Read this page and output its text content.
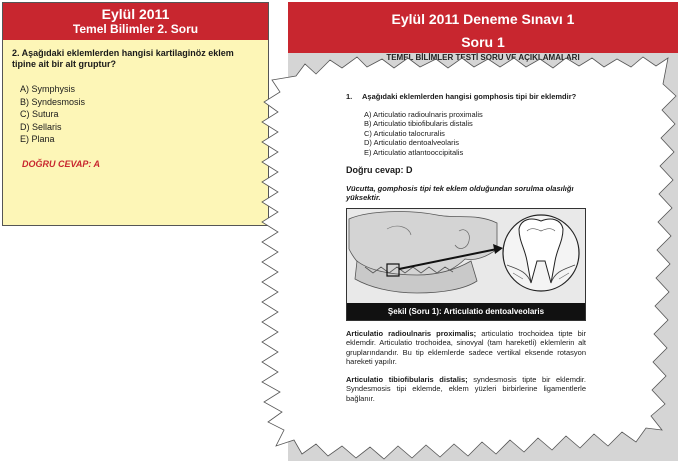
Eylül 2011
Temel Bilimler 2. Soru
2. Aşağıdaki eklemlerden hangisi kartilaginöz eklem tipine ait bir alt gruptur?
A) Symphysis
B) Syndesmosis
C) Sutura
D) Sellaris
E) Plana
DOĞRU CEVAP: A
Eylül 2011 Deneme Sınavı 1
Soru 1
TEMEL BİLİMLER TESTİ SORU VE AÇIKLAMALARI
1.	Aşağıdaki eklemlerden hangisi gomphosis tipi bir eklemdir?
A) Articulatio radioulnaris proximalis
B) Articulatio tibiofibularis distalis
C) Articulatio talocruralis
D) Articulatio dentoalveolaris
E) Articulatio atlantooccipitalis
Doğru cevap: D
Vücutta, gomphosis tipi tek eklem olduğundan sorulma olasılığı yüksektir.
Şekil (Soru 1): Articulatio dentoalveolaris
Articulatio radioulnaris proximalis; articulatio trochoidea tipte bir eklemdir. Articulatio trochoidea, sinovyal (tam hareketli) eklemlerin alt gruplarındandır. Bu tip eklemlerde sadece vertikal eksende rotasyon hareketi yapılır.
Articulatio tibiofibularis distalis; syndesmosis tipte bir eklemdir. Syndesmosis tipi eklemde, eklem yüzleri birbirlerine ligamentlerle bağlanır.
